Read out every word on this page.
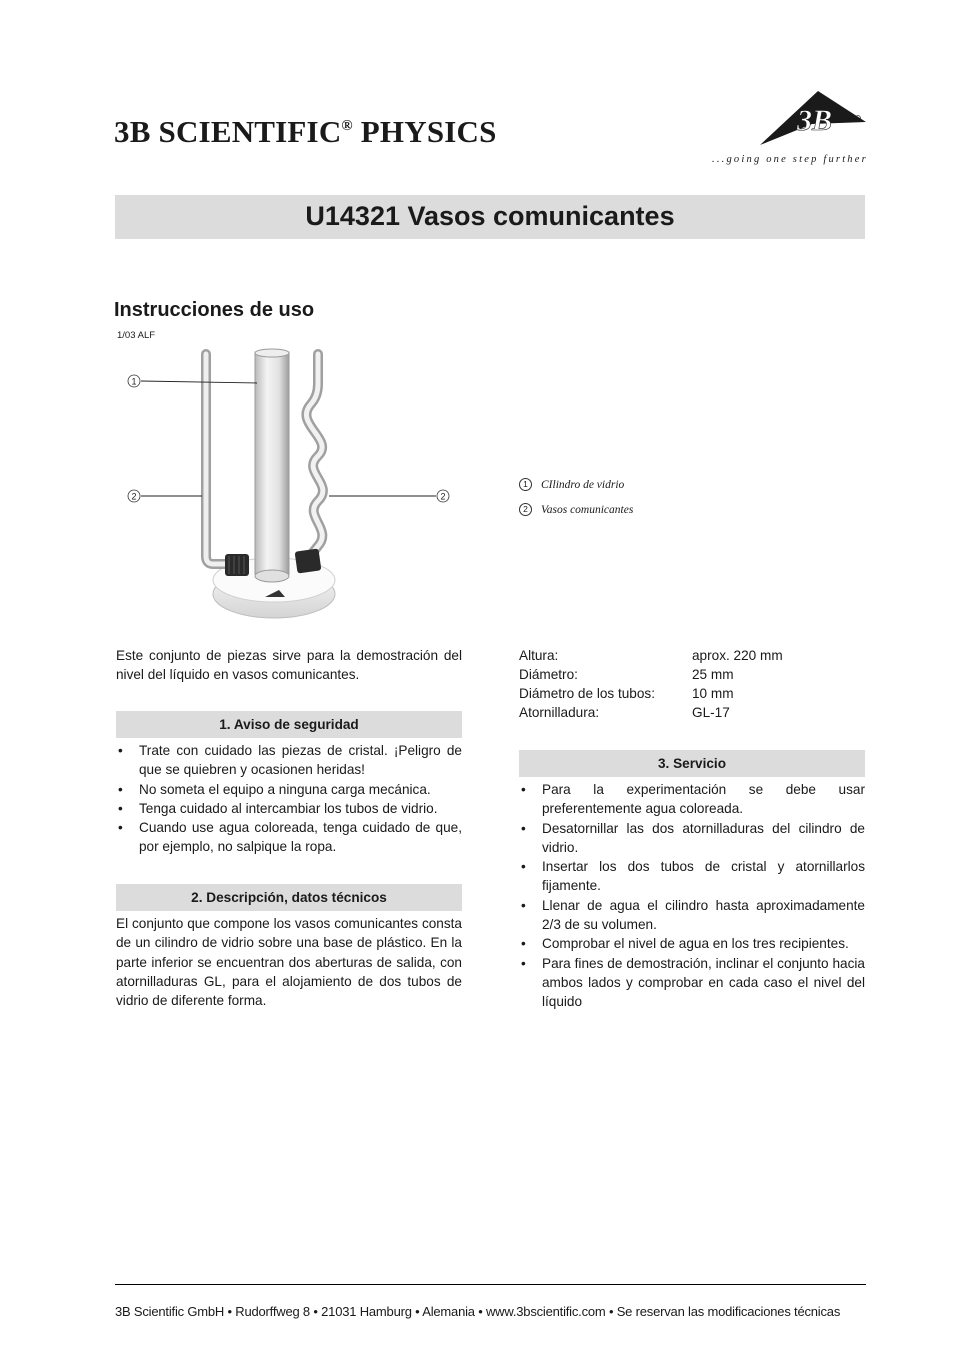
3B SCIENTIFIC® PHYSICS	3B
...going one step further
U14321 Vasos comunicantes
Instrucciones de uso
1/03 ALF
1
2	2
1 CIlindro de vidrio
2 Vasos comunicantes
Este conjunto de piezas sirve para la demostración del nivel del líquido en vasos comunicantes.
1. Aviso de seguridad
• Trate con cuidado las piezas de cristal. ¡Peligro de que se quiebren y ocasionen heridas!
• No someta el equipo a ninguna carga mecánica.
• Tenga cuidado al intercambiar los tubos de vidrio.
• Cuando use agua coloreada, tenga cuidado de que, por ejemplo, no salpique la ropa.
2. Descripción, datos técnicos
El conjunto que compone los vasos comunicantes consta de un cilindro de vidrio sobre una base de plástico. En la parte inferior se encuentran dos aberturas de salida, con atornilladuras GL, para el alojamiento de dos tubos de vidrio de diferente forma.
Altura:	aprox. 220 mm
Diámetro:	25 mm
Diámetro de los tubos:	10 mm
Atornilladura:	GL-17
3. Servicio
• Para la experimentación se debe usar preferentemente agua coloreada.
• Desatornillar las dos atornilladuras del cilindro de vidrio.
• Insertar los dos tubos de cristal y atornillarlos fijamente.
• Llenar de agua el cilindro hasta aproximadamente 2/3 de su volumen.
• Comprobar el nivel de agua en los tres recipientes.
• Para fines de demostración, inclinar el conjunto hacia ambos lados y comprobar en cada caso el nivel del líquido
3B Scientific GmbH • Rudorffweg 8 • 21031 Hamburg • Alemania • www.3bscientific.com • Se reservan las modificaciones técnicas
